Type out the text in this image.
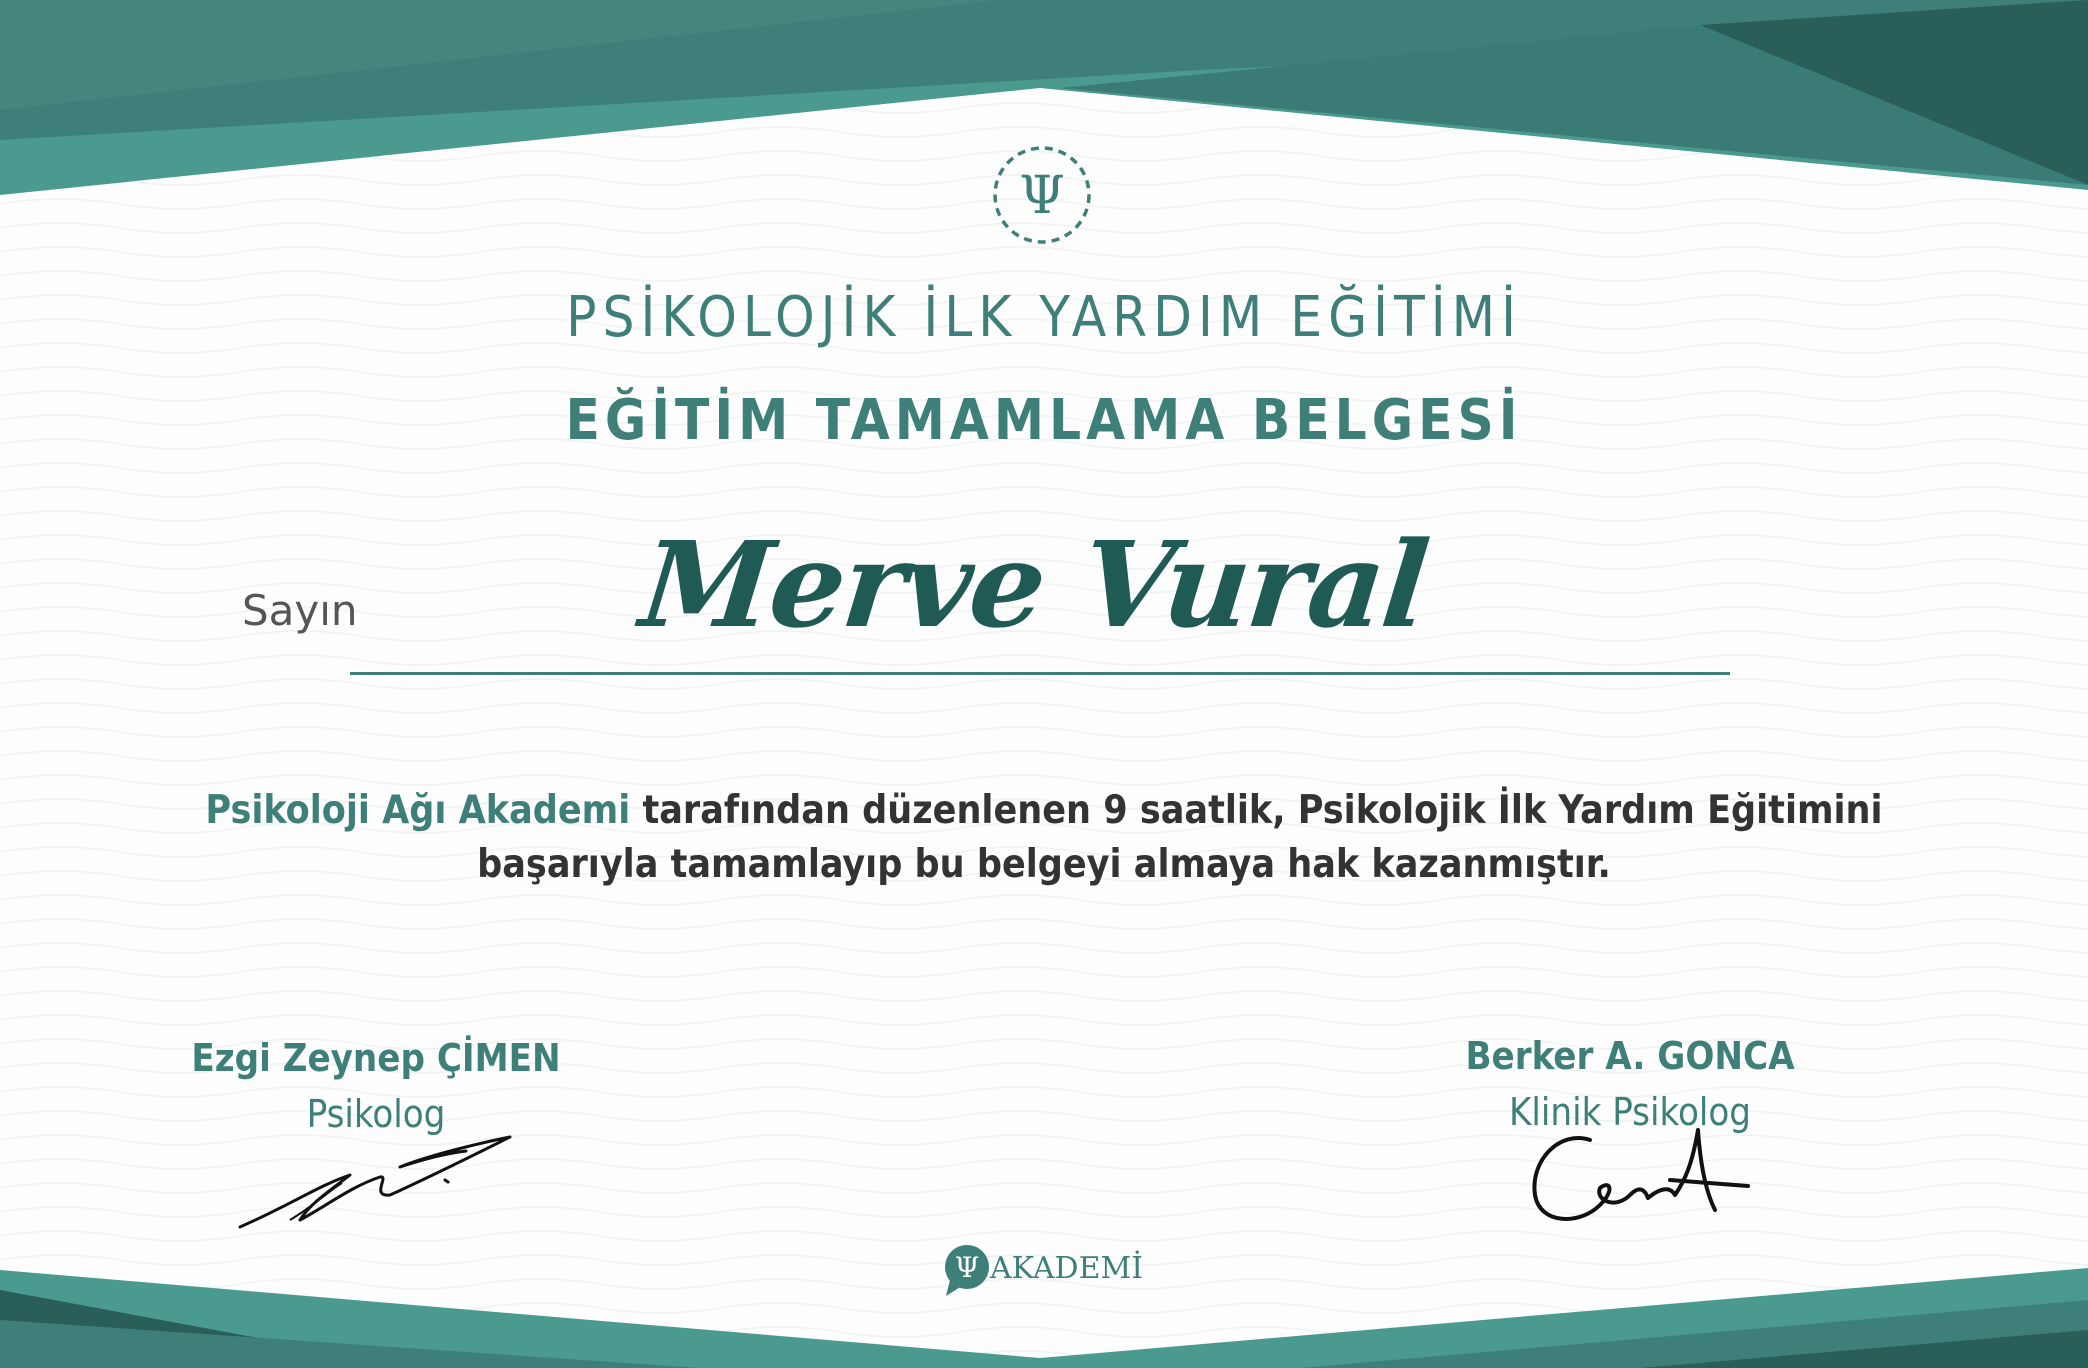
Ψ
PSİKOLOJİK İLK YARDIM EĞİTİMİ
EĞİTİM TAMAMLAMA BELGESİ
Sayın	Merve Vural

Psikoloji Ağı Akademi tarafından düzenlenen 9 saatlik, Psikolojik İlk Yardım Eğitimini
başarıyla tamamlayıp bu belgeyi almaya hak kazanmıştır.

Ezgi Zeynep ÇİMEN
Psikolog
Berker A. GONCA
Klinik Psikolog
Ψ AKADEMİ
